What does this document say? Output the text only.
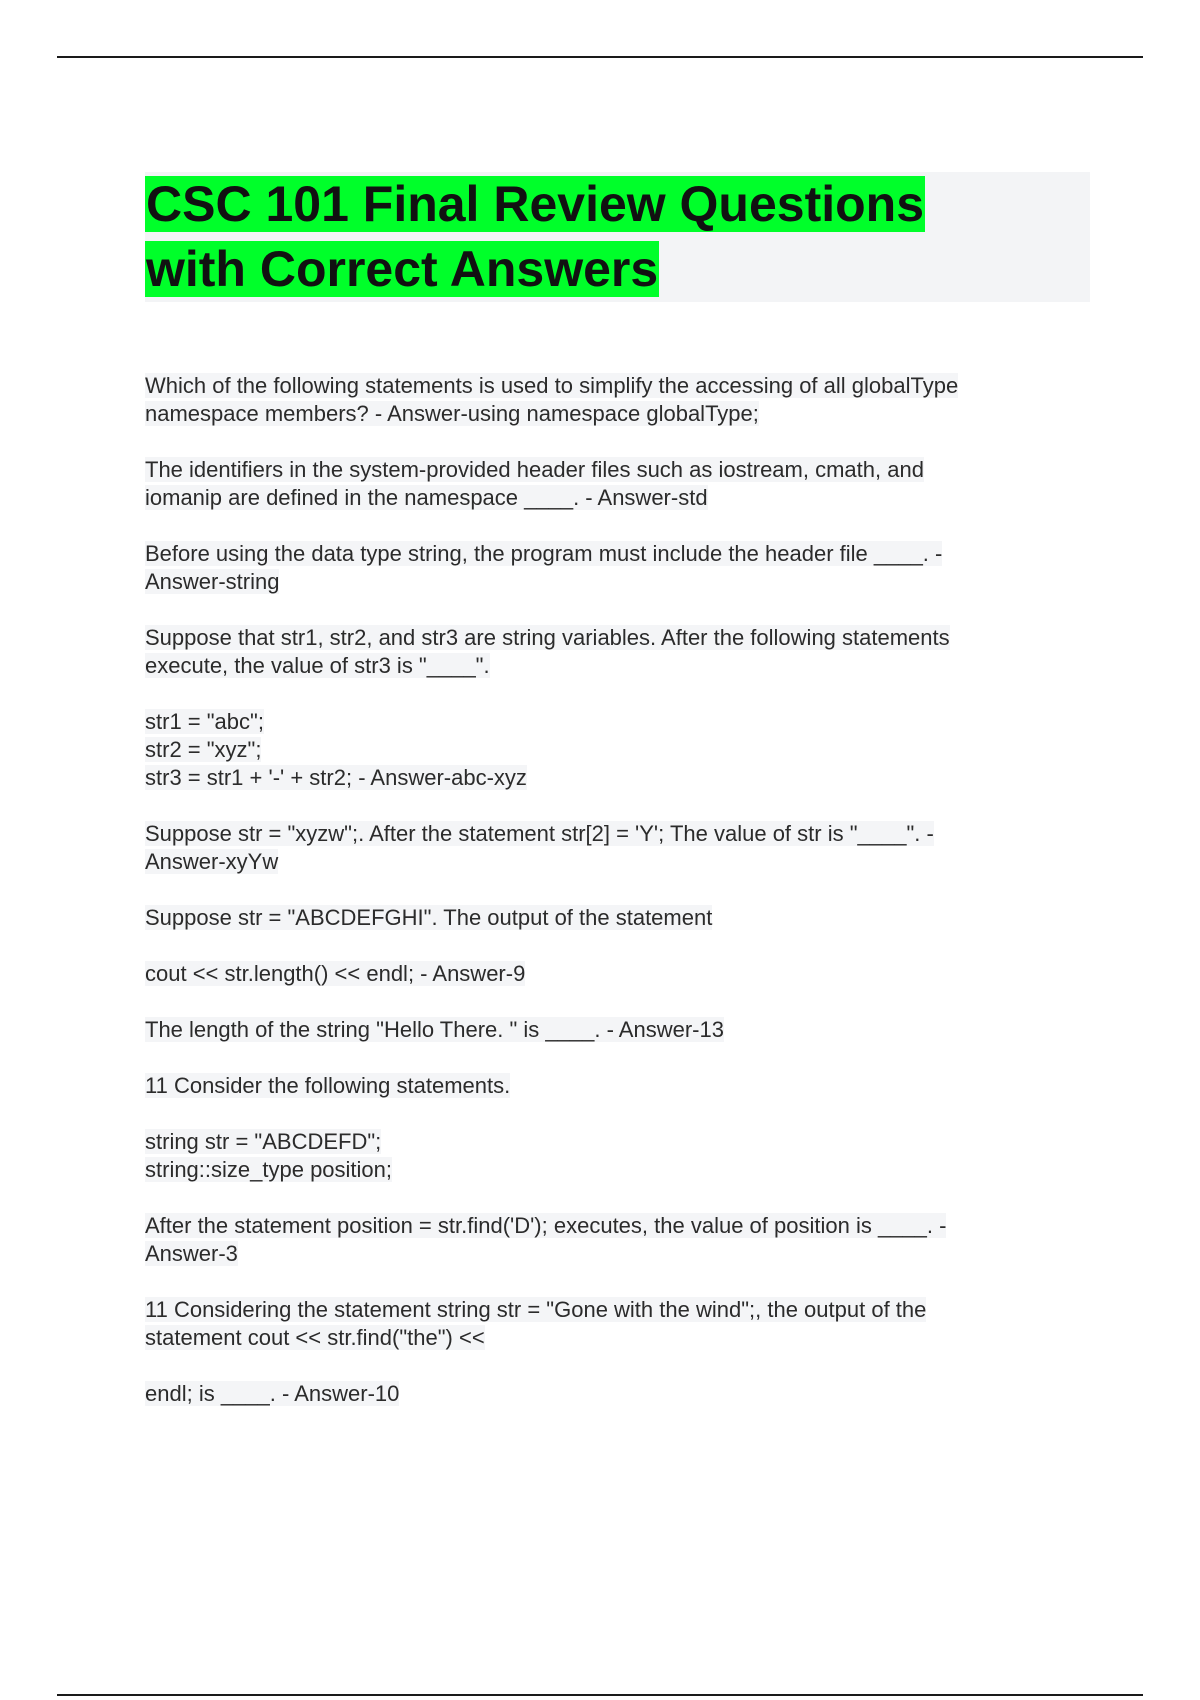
CSC 101 Final Review Questions
with Correct Answers
Which of the following statements is used to simplify the accessing of all globalType
namespace members? - Answer-using namespace globalType;
The identifiers in the system-provided header files such as iostream, cmath, and
iomanip are defined in the namespace ____. - Answer-std
Before using the data type string, the program must include the header file ____. -
Answer-string
Suppose that str1, str2, and str3 are string variables. After the following statements
execute, the value of str3 is "____".
str1 = "abc";
str2 = "xyz";
str3 = str1 + '-' + str2; - Answer-abc-xyz
Suppose str = "xyzw";. After the statement str[2] = 'Y'; The value of str is "____". -
Answer-xyYw
Suppose str = "ABCDEFGHI". The output of the statement
cout << str.length() << endl; - Answer-9
The length of the string "Hello There. " is ____. - Answer-13
11 Consider the following statements.
string str = "ABCDEFD";
string::size_type position;
After the statement position = str.find('D'); executes, the value of position is ____. -
Answer-3
11 Considering the statement string str = "Gone with the wind";, the output of the
statement cout << str.find("the") <<
endl; is ____. - Answer-10
